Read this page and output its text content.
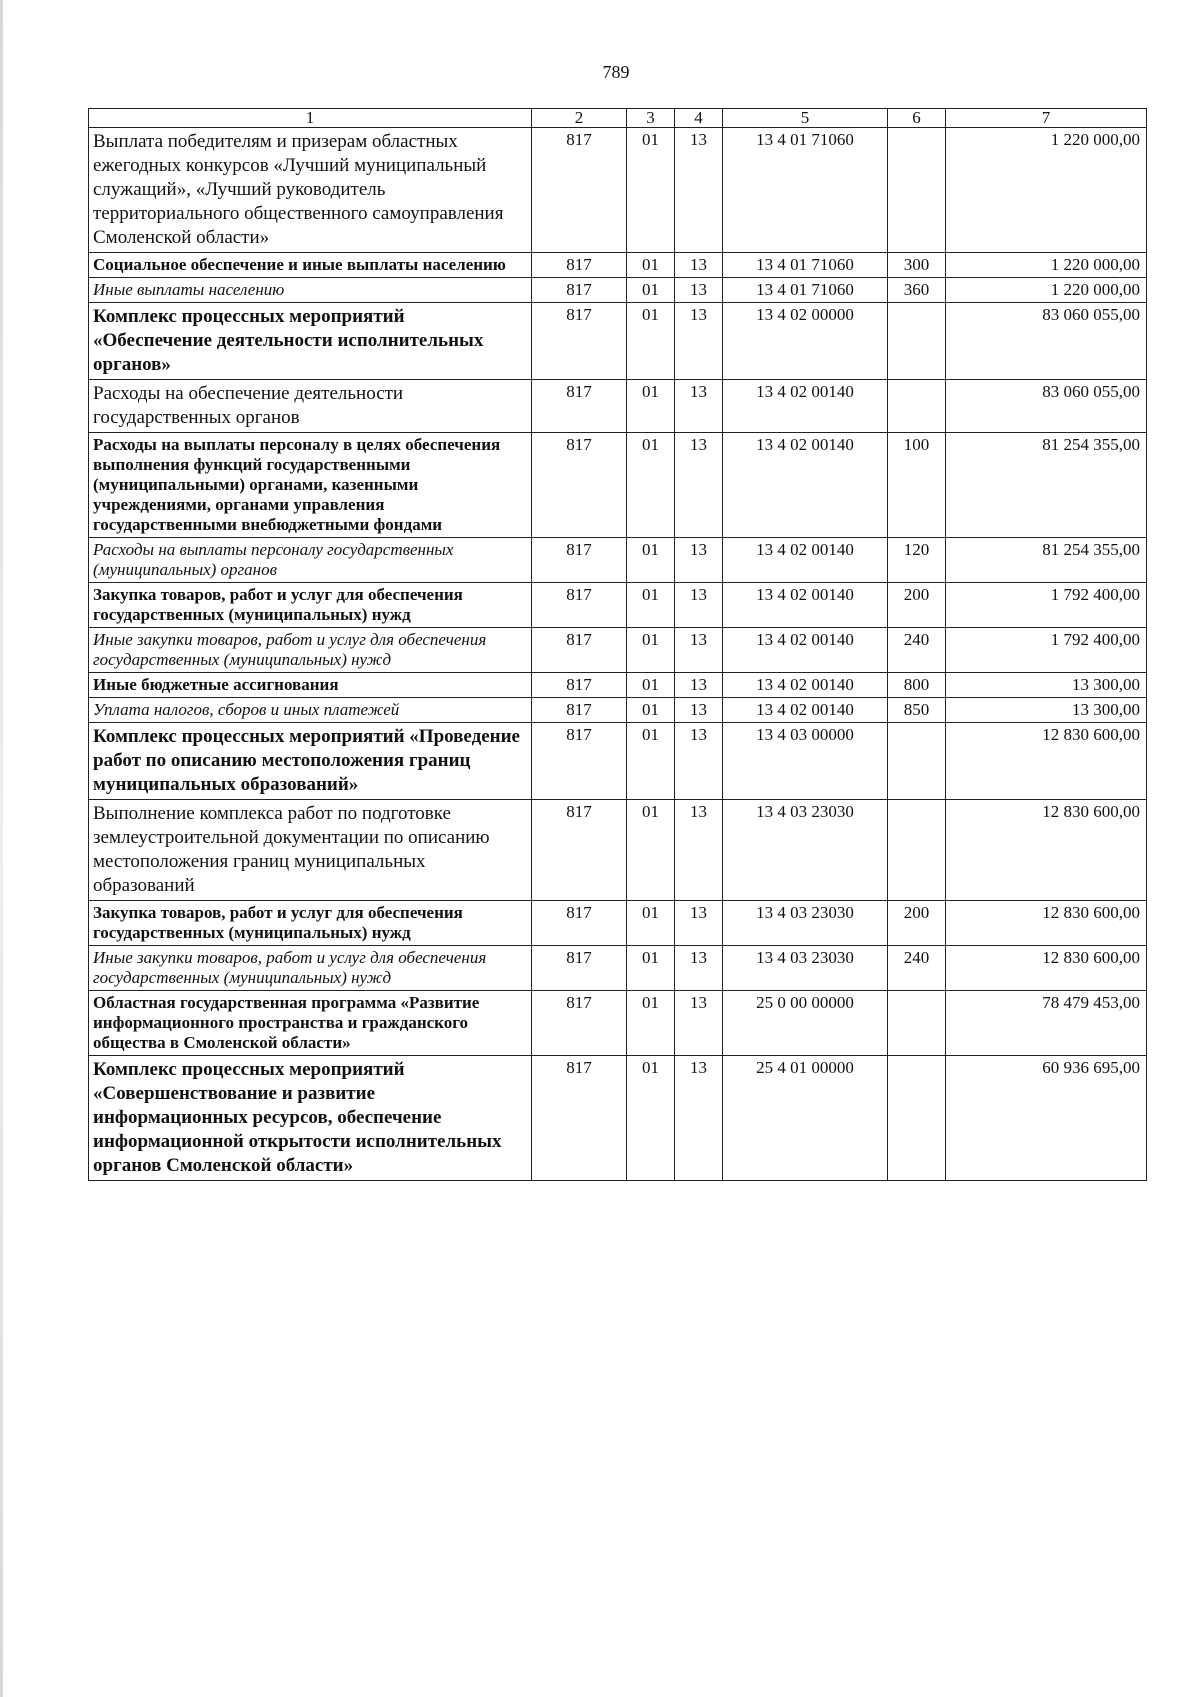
789
1	2	3	4	5	6	7
Выплата победителям и призерам областных ежегодных конкурсов «Лучший муниципальный служащий», «Лучший руководитель территориального общественного самоуправления Смоленской области»	817	01	13	13 4 01 71060		1 220 000,00
Социальное обеспечение и иные выплаты населению	817	01	13	13 4 01 71060	300	1 220 000,00
Иные выплаты населению	817	01	13	13 4 01 71060	360	1 220 000,00
Комплекс процессных мероприятий «Обеспечение деятельности исполнительных органов»	817	01	13	13 4 02 00000		83 060 055,00
Расходы на обеспечение деятельности государственных органов	817	01	13	13 4 02 00140		83 060 055,00
Расходы на выплаты персоналу в целях обеспечения выполнения функций государственными (муниципальными) органами, казенными учреждениями, органами управления государственными внебюджетными фондами	817	01	13	13 4 02 00140	100	81 254 355,00
Расходы на выплаты персоналу государственных (муниципальных) органов	817	01	13	13 4 02 00140	120	81 254 355,00
Закупка товаров, работ и услуг для обеспечения государственных (муниципальных) нужд	817	01	13	13 4 02 00140	200	1 792 400,00
Иные закупки товаров, работ и услуг для обеспечения государственных (муниципальных) нужд	817	01	13	13 4 02 00140	240	1 792 400,00
Иные бюджетные ассигнования	817	01	13	13 4 02 00140	800	13 300,00
Уплата налогов, сборов и иных платежей	817	01	13	13 4 02 00140	850	13 300,00
Комплекс процессных мероприятий «Проведение работ по описанию местоположения границ муниципальных образований»	817	01	13	13 4 03 00000		12 830 600,00
Выполнение комплекса работ по подготовке землеустроительной документации по описанию местоположения границ муниципальных образований	817	01	13	13 4 03 23030		12 830 600,00
Закупка товаров, работ и услуг для обеспечения государственных (муниципальных) нужд	817	01	13	13 4 03 23030	200	12 830 600,00
Иные закупки товаров, работ и услуг для обеспечения государственных (муниципальных) нужд	817	01	13	13 4 03 23030	240	12 830 600,00
Областная государственная программа «Развитие информационного пространства и гражданского общества в Смоленской области»	817	01	13	25 0 00 00000		78 479 453,00
Комплекс процессных мероприятий «Совершенствование и развитие информационных ресурсов, обеспечение информационной открытости исполнительных органов Смоленской области»	817	01	13	25 4 01 00000		60 936 695,00
